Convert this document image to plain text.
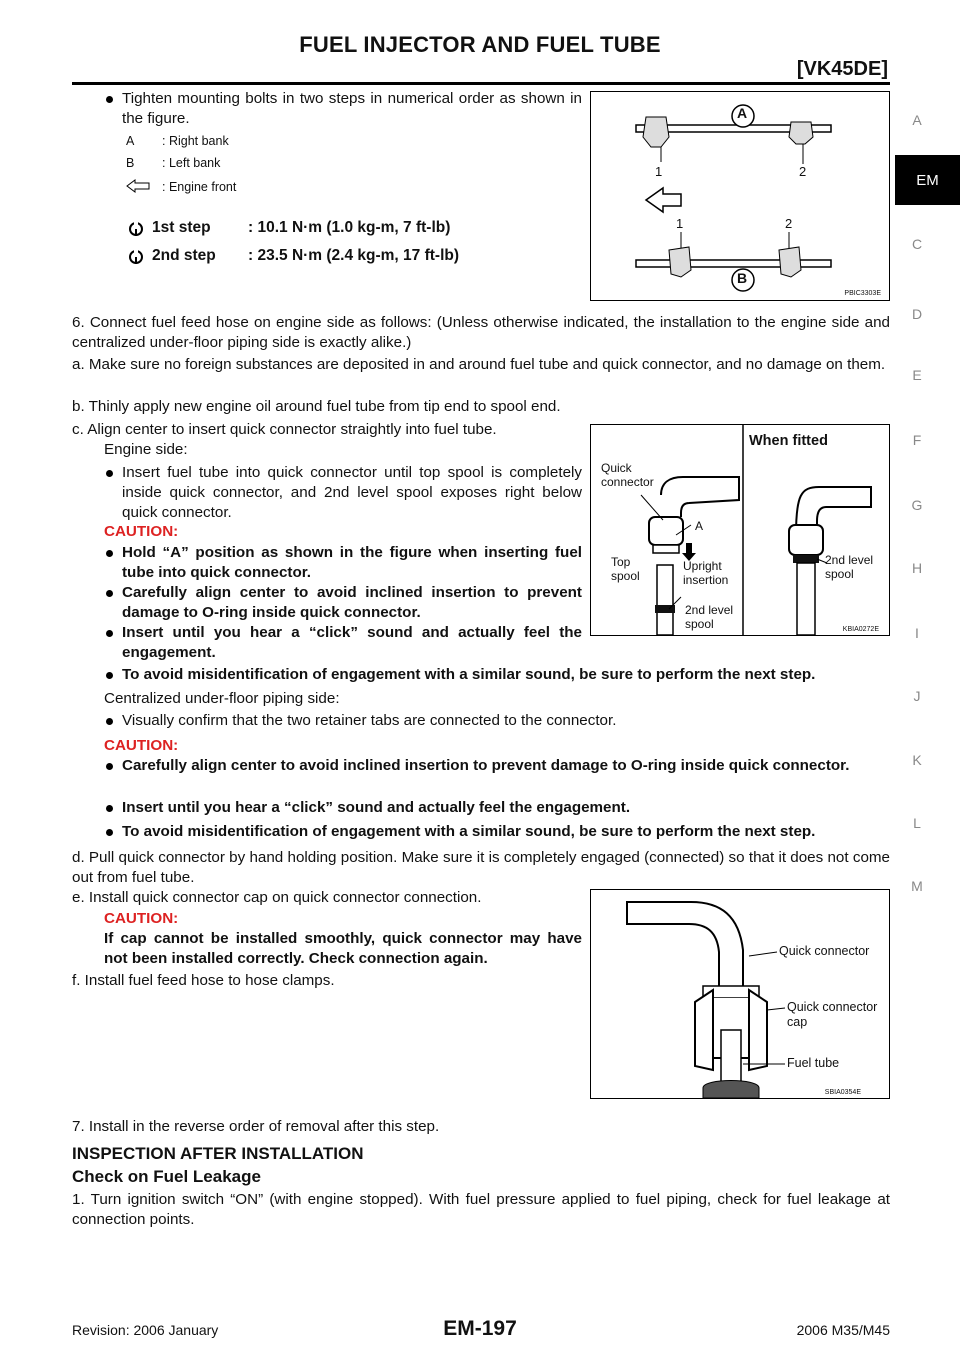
FUEL INJECTOR AND FUEL TUBE
[VK45DE]
A
EM
C
D
E
F
G
H
I
J
K
L
M
Tighten mounting bolts in two steps in numerical order as shown in the figure.
A : Right bank
B : Left bank
: Engine front
1st step : 10.1 N·m (1.0 kg-m, 7 ft-lb)
2nd step : 23.5 N·m (2.4 kg-m, 17 ft-lb)
A
B
1	2
1	2
PBIC3303E
6. Connect fuel feed hose on engine side as follows: (Unless otherwise indicated, the installation to the engine side and centralized under-floor piping side is exactly alike.)
a. Make sure no foreign substances are deposited in and around fuel tube and quick connector, and no damage on them.
b. Thinly apply new engine oil around fuel tube from tip end to spool end.
c. Align center to insert quick connector straightly into fuel tube.
Engine side:
Insert fuel tube into quick connector until top spool is completely inside quick connector, and 2nd level spool exposes right below quick connector.
CAUTION:
Hold “A” position as shown in the figure when inserting fuel tube into quick connector.
Carefully align center to avoid inclined insertion to prevent damage to O-ring inside quick connector.
Insert until you hear a “click” sound and actually feel the engagement.
To avoid misidentification of engagement with a similar sound, be sure to perform the next step.
Centralized under-floor piping side:
Visually confirm that the two retainer tabs are connected to the connector.
CAUTION:
Carefully align center to avoid inclined insertion to prevent damage to O-ring inside quick connector.
Insert until you hear a “click” sound and actually feel the engagement.
To avoid misidentification of engagement with a similar sound, be sure to perform the next step.
When fitted
Quick connector
A
Top spool
Upright insertion
2nd level spool
2nd level spool
KBIA0272E
d. Pull quick connector by hand holding position. Make sure it is completely engaged (connected) so that it does not come out from fuel tube.
e. Install quick connector cap on quick connector connection.
CAUTION:
If cap cannot be installed smoothly, quick connector may have not been installed correctly. Check connection again.
f. Install fuel feed hose to hose clamps.
Quick connector
Quick connector cap
Fuel tube
SBIA0354E
7. Install in the reverse order of removal after this step.
INSPECTION AFTER INSTALLATION
Check on Fuel Leakage
1. Turn ignition switch “ON” (with engine stopped). With fuel pressure applied to fuel piping, check for fuel leakage at connection points.
Revision: 2006 January	EM-197	2006 M35/M45
